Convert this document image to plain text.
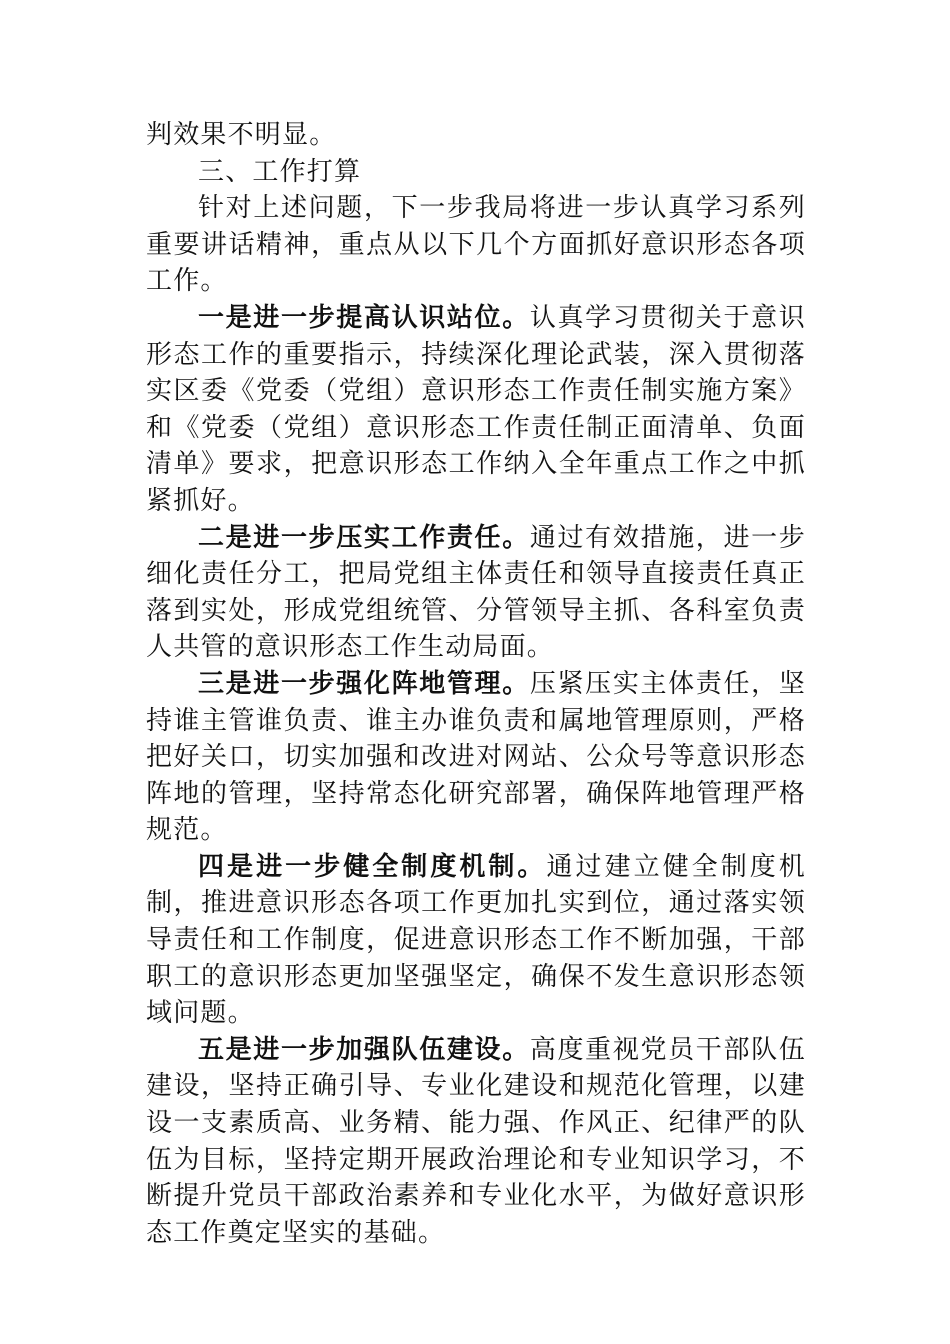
判效果不明显。

三、工作打算

针对上述问题，下一步我局将进一步认真学习系列重要讲话精神，重点从以下几个方面抓好意识形态各项工作。

一是进一步提高认识站位。认真学习贯彻关于意识形态工作的重要指示，持续深化理论武装，深入贯彻落实区委《党委（党组）意识形态工作责任制实施方案》和《党委（党组）意识形态工作责任制正面清单、负面清单》要求，把意识形态工作纳入全年重点工作之中抓紧抓好。

二是进一步压实工作责任。通过有效措施，进一步细化责任分工，把局党组主体责任和领导直接责任真正落到实处，形成党组统管、分管领导主抓、各科室负责人共管的意识形态工作生动局面。

三是进一步强化阵地管理。压紧压实主体责任，坚持谁主管谁负责、谁主办谁负责和属地管理原则，严格把好关口，切实加强和改进对网站、公众号等意识形态阵地的管理，坚持常态化研究部署，确保阵地管理严格规范。

四是进一步健全制度机制。通过建立健全制度机制，推进意识形态各项工作更加扎实到位，通过落实领导责任和工作制度，促进意识形态工作不断加强，干部职工的意识形态更加坚强坚定，确保不发生意识形态领域问题。

五是进一步加强队伍建设。高度重视党员干部队伍建设，坚持正确引导、专业化建设和规范化管理，以建设一支素质高、业务精、能力强、作风正、纪律严的队伍为目标，坚持定期开展政治理论和专业知识学习，不断提升党员干部政治素养和专业化水平，为做好意识形态工作奠定坚实的基础。
